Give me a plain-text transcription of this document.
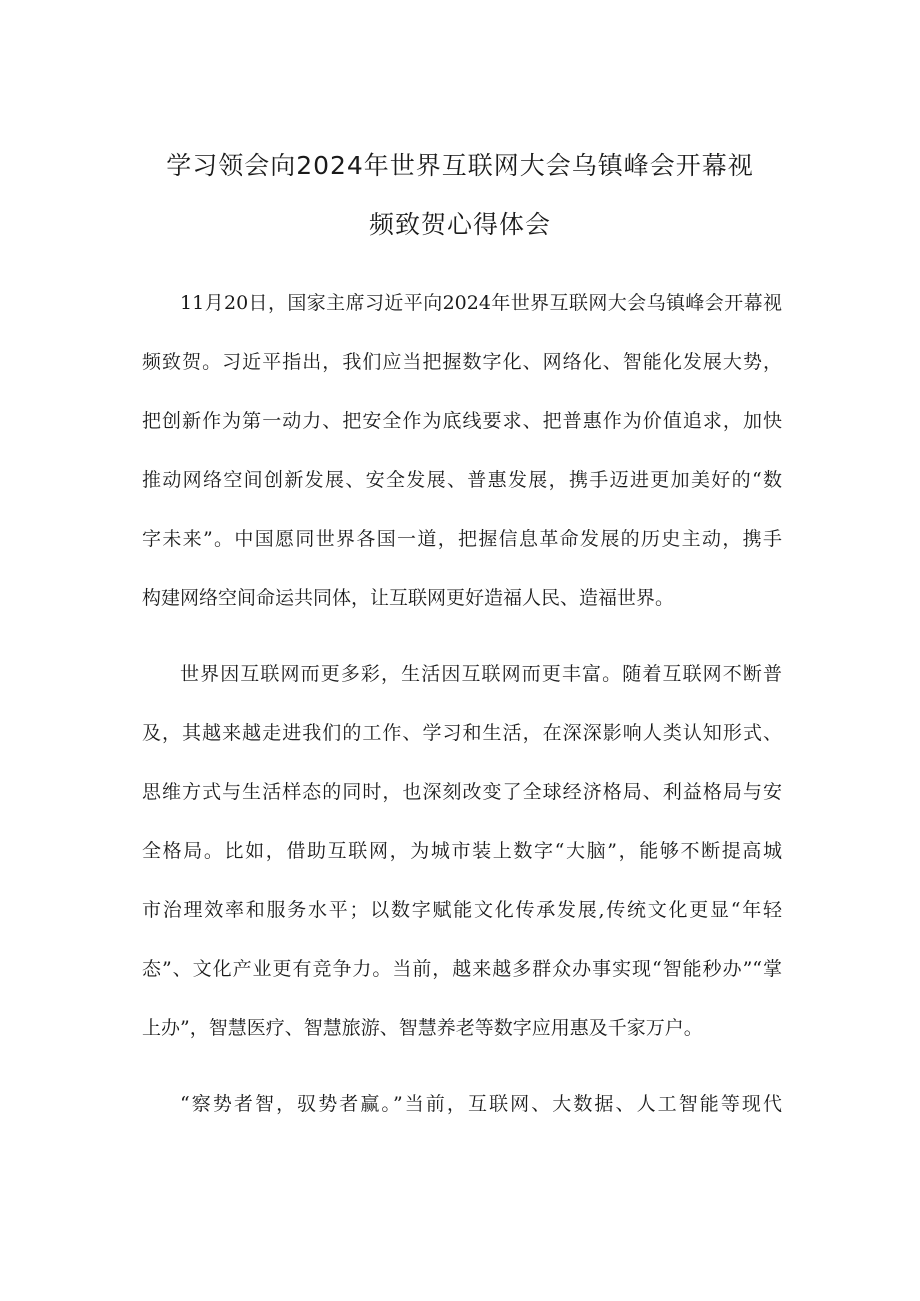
学习领会向2024年世界互联网大会乌镇峰会开幕视
频致贺心得体会

11月20日，国家主席习近平向2024年世界互联网大会乌镇峰会开幕视

频致贺。习近平指出，我们应当把握数字化、网络化、智能化发展大势，

把创新作为第一动力、把安全作为底线要求、把普惠作为价值追求，加快

推动网络空间创新发展、安全发展、普惠发展，携手迈进更加美好的“数

字未来”。中国愿同世界各国一道，把握信息革命发展的历史主动，携手

构建网络空间命运共同体，让互联网更好造福人民、造福世界。

世界因互联网而更多彩，生活因互联网而更丰富。随着互联网不断普

及，其越来越走进我们的工作、学习和生活，在深深影响人类认知形式、

思维方式与生活样态的同时，也深刻改变了全球经济格局、利益格局与安

全格局。比如，借助互联网，为城市装上数字“大脑”，能够不断提高城

市治理效率和服务水平；以数字赋能文化传承发展,传统文化更显“年轻

态”、文化产业更有竞争力。当前，越来越多群众办事实现“智能秒办”“掌

上办”，智慧医疗、智慧旅游、智慧养老等数字应用惠及千家万户。

“察势者智，驭势者赢。”当前，互联网、大数据、人工智能等现代
